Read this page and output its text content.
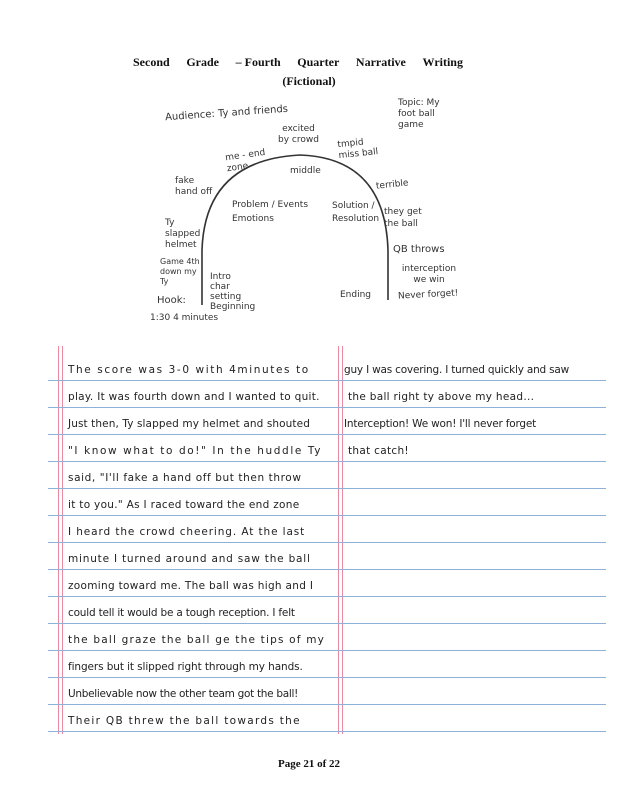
Second Grade – Fourth Quarter Narrative Writing
(Fictional)
Audience: Ty and friends
Topic: My foot ball game
excited by crowd
me - end zone	middle
tmpid miss ball
fake hand off
terrible
Problem / Events Emotions
Solution / Resolution
they get the ball
Ty slapped helmet	QB throws
interception we win
Game 4th down my Ty
Never forget!
Intro char setting Beginning
Ending
Hook:
1:30 4 minutes
The score was 3-0 with 4minutes to
play. It was fourth down and I wanted to quit.
Just then, Ty slapped my helmet and shouted
"I know what to do!" In the huddle Ty
said, "I'll fake a hand off but then throw
it to you." As I raced toward the end zone
I heard the crowd cheering. At the last
minute I turned around and saw the ball
zooming toward me. The ball was high and I
could tell it would be a tough reception. I felt
the ball graze the ball ge the tips of my
fingers but it slipped right through my hands.
Unbelievable now the other team got the ball!
Their QB threw the ball towards the
guy I was covering. I turned quickly and saw
the ball right ty above my head...
Interception! We won! I'll never forget
that catch!
Page 21 of 22
